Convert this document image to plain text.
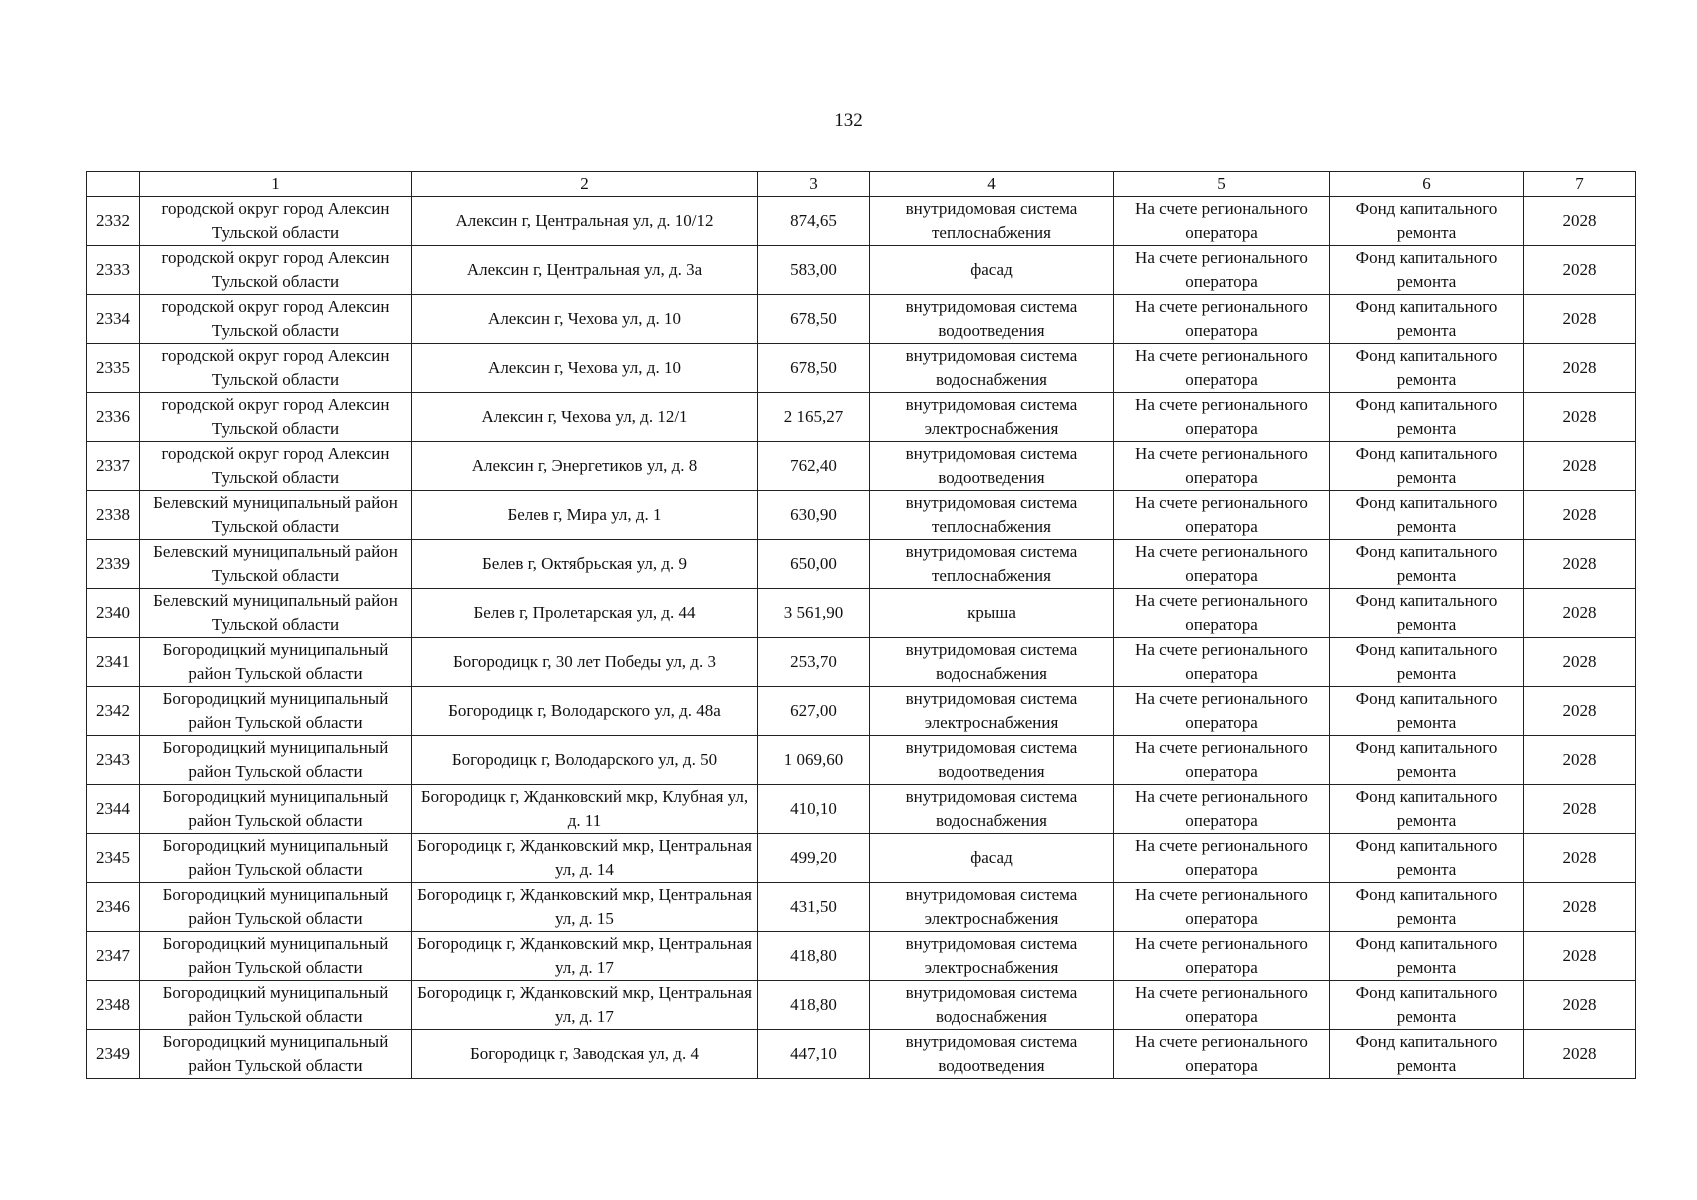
132
	1	2	3	4	5	6	7
2332	городской округ город Алексин Тульской области	Алексин г, Центральная ул, д. 10/12	874,65	внутридомовая система теплоснабжения	На счете регионального оператора	Фонд капитального ремонта	2028
2333	городской округ город Алексин Тульской области	Алексин г, Центральная ул, д. 3а	583,00	фасад	На счете регионального оператора	Фонд капитального ремонта	2028
2334	городской округ город Алексин Тульской области	Алексин г, Чехова ул, д. 10	678,50	внутридомовая система водоотведения	На счете регионального оператора	Фонд капитального ремонта	2028
2335	городской округ город Алексин Тульской области	Алексин г, Чехова ул, д. 10	678,50	внутридомовая система водоснабжения	На счете регионального оператора	Фонд капитального ремонта	2028
2336	городской округ город Алексин Тульской области	Алексин г, Чехова ул, д. 12/1	2 165,27	внутридомовая система электроснабжения	На счете регионального оператора	Фонд капитального ремонта	2028
2337	городской округ город Алексин Тульской области	Алексин г, Энергетиков ул, д. 8	762,40	внутридомовая система водоотведения	На счете регионального оператора	Фонд капитального ремонта	2028
2338	Белевский муниципальный район Тульской области	Белев г, Мира ул, д. 1	630,90	внутридомовая система теплоснабжения	На счете регионального оператора	Фонд капитального ремонта	2028
2339	Белевский муниципальный район Тульской области	Белев г, Октябрьская ул, д. 9	650,00	внутридомовая система теплоснабжения	На счете регионального оператора	Фонд капитального ремонта	2028
2340	Белевский муниципальный район Тульской области	Белев г, Пролетарская ул, д. 44	3 561,90	крыша	На счете регионального оператора	Фонд капитального ремонта	2028
2341	Богородицкий муниципальный район Тульской области	Богородицк г, 30 лет Победы ул, д. 3	253,70	внутридомовая система водоснабжения	На счете регионального оператора	Фонд капитального ремонта	2028
2342	Богородицкий муниципальный район Тульской области	Богородицк г, Володарского ул, д. 48а	627,00	внутридомовая система электроснабжения	На счете регионального оператора	Фонд капитального ремонта	2028
2343	Богородицкий муниципальный район Тульской области	Богородицк г, Володарского ул, д. 50	1 069,60	внутридомовая система водоотведения	На счете регионального оператора	Фонд капитального ремонта	2028
2344	Богородицкий муниципальный район Тульской области	Богородицк г, Жданковский мкр, Клубная ул, д. 11	410,10	внутридомовая система водоснабжения	На счете регионального оператора	Фонд капитального ремонта	2028
2345	Богородицкий муниципальный район Тульской области	Богородицк г, Жданковский мкр, Центральная ул, д. 14	499,20	фасад	На счете регионального оператора	Фонд капитального ремонта	2028
2346	Богородицкий муниципальный район Тульской области	Богородицк г, Жданковский мкр, Центральная ул, д. 15	431,50	внутридомовая система электроснабжения	На счете регионального оператора	Фонд капитального ремонта	2028
2347	Богородицкий муниципальный район Тульской области	Богородицк г, Жданковский мкр, Центральная ул, д. 17	418,80	внутридомовая система электроснабжения	На счете регионального оператора	Фонд капитального ремонта	2028
2348	Богородицкий муниципальный район Тульской области	Богородицк г, Жданковский мкр, Центральная ул, д. 17	418,80	внутридомовая система водоснабжения	На счете регионального оператора	Фонд капитального ремонта	2028
2349	Богородицкий муниципальный район Тульской области	Богородицк г, Заводская ул, д. 4	447,10	внутридомовая система водоотведения	На счете регионального оператора	Фонд капитального ремонта	2028
